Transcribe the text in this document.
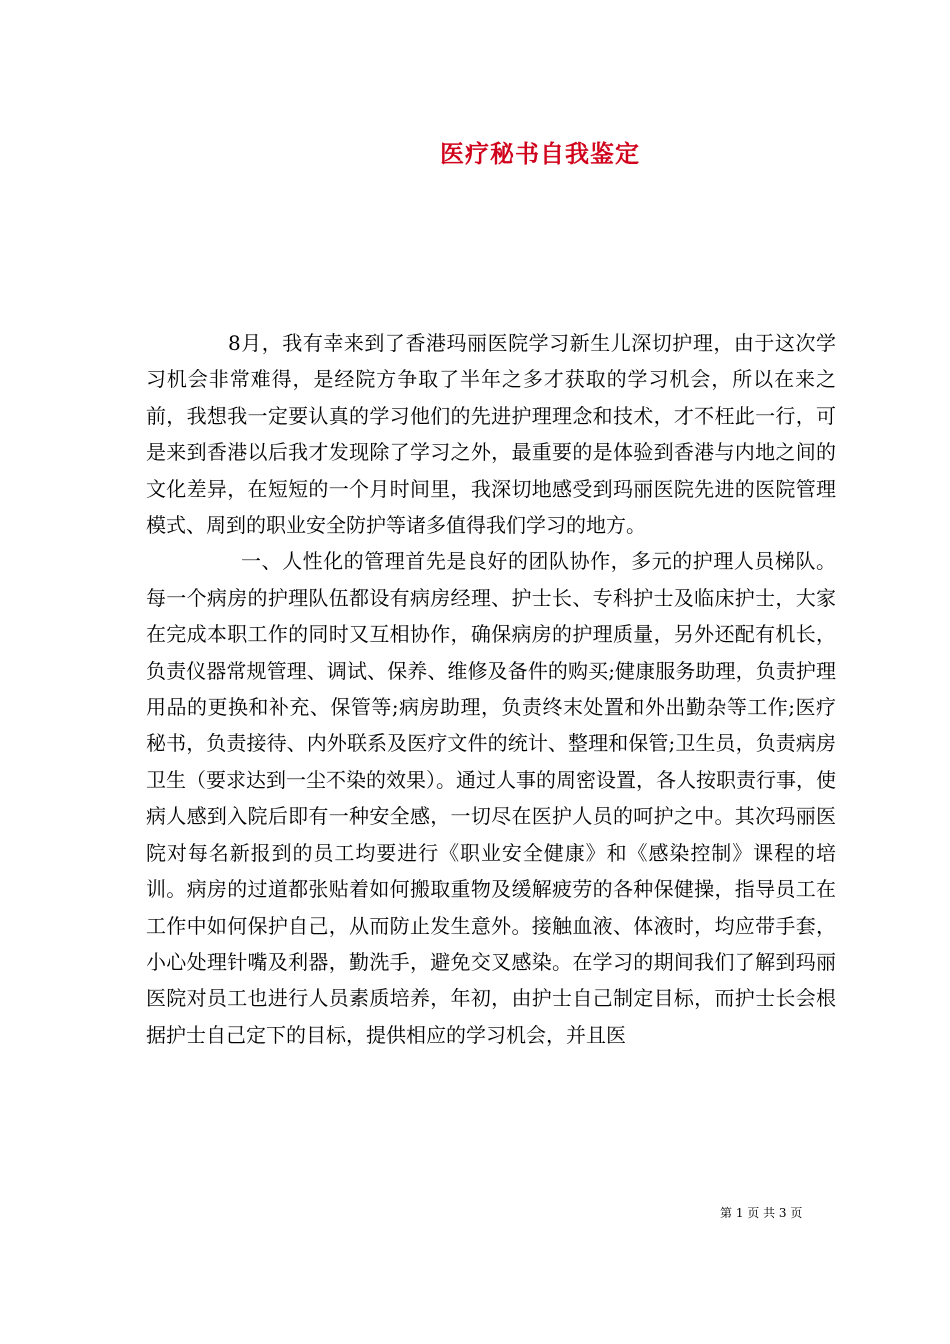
医疗秘书自我鉴定

8月，我有幸来到了香港玛丽医院学习新生儿深切护理，由于这次学习机会非常难得，是经院方争取了半年之多才获取的学习机会，所以在来之前，我想我一定要认真的学习他们的先进护理理念和技术，才不枉此一行，可是来到香港以后我才发现除了学习之外，最重要的是体验到香港与内地之间的文化差异，在短短的一个月时间里，我深切地感受到玛丽医院先进的医院管理模式、周到的职业安全防护等诸多值得我们学习的地方。

一、人性化的管理首先是良好的团队协作，多元的护理人员梯队。每一个病房的护理队伍都设有病房经理、护士长、专科护士及临床护士，大家在完成本职工作的同时又互相协作，确保病房的护理质量，另外还配有机长，负责仪器常规管理、调试、保养、维修及备件的购买;健康服务助理，负责护理用品的更换和补充、保管等;病房助理，负责终末处置和外出勤杂等工作;医疗秘书，负责接待、内外联系及医疗文件的统计、整理和保管;卫生员，负责病房卫生（要求达到一尘不染的效果）。通过人事的周密设置，各人按职责行事，使病人感到入院后即有一种安全感，一切尽在医护人员的呵护之中。其次玛丽医院对每名新报到的员工均要进行《职业安全健康》和《感染控制》课程的培训。病房的过道都张贴着如何搬取重物及缓解疲劳的各种保健操，指导员工在工作中如何保护自己，从而防止发生意外。接触血液、体液时，均应带手套，小心处理针嘴及利器，勤洗手，避免交叉感染。在学习的期间我们了解到玛丽医院对员工也进行人员素质培养，年初，由护士自己制定目标，而护士长会根据护士自己定下的目标，提供相应的学习机会，并且医

第 1 页 共 3 页
